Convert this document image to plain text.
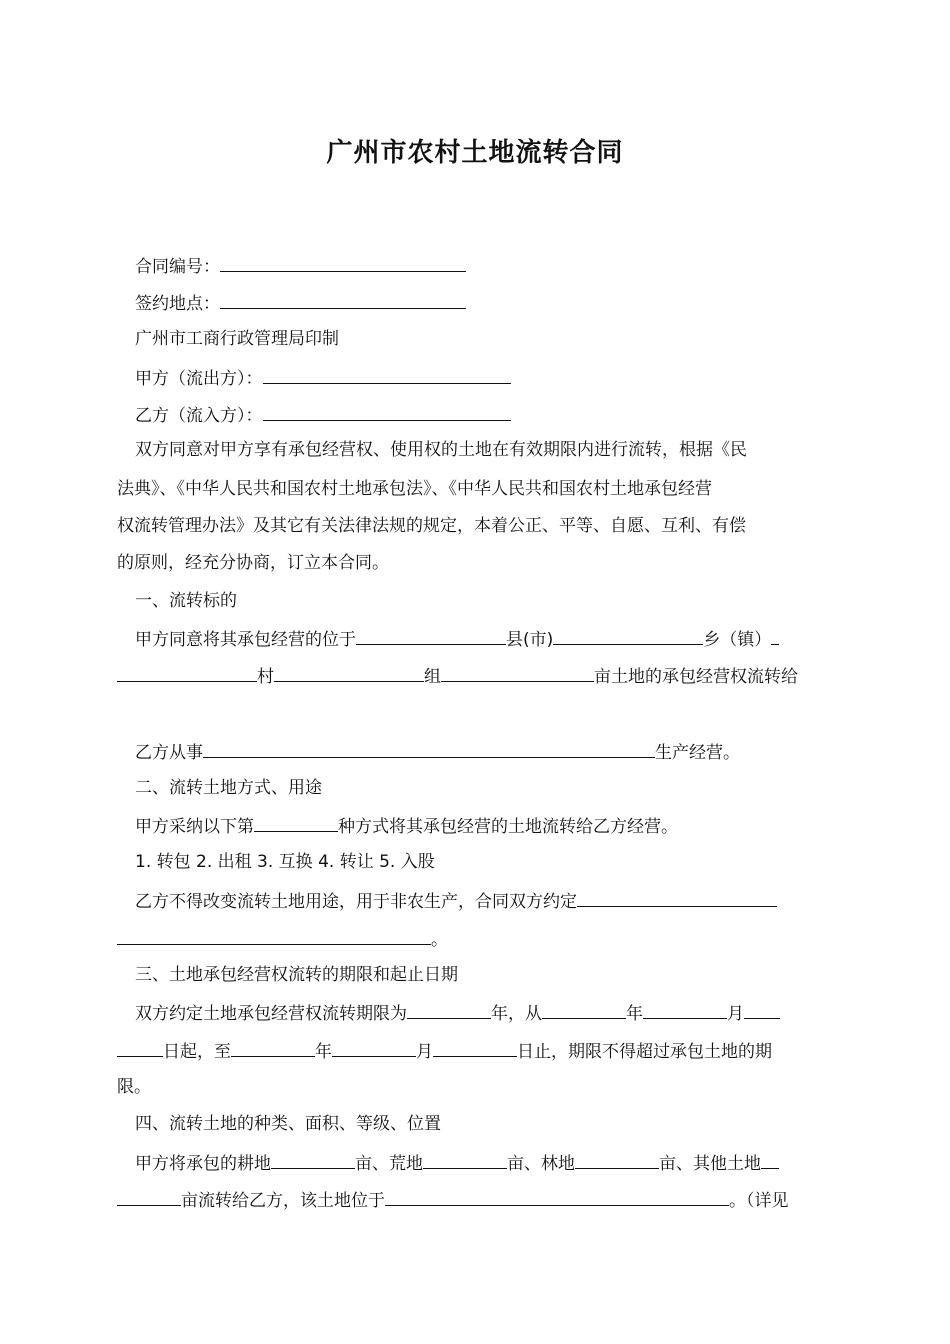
广州市农村土地流转合同
合同编号：
签约地点：
广州市工商行政管理局印制
甲方（流出方）：
乙方（流入方）：
双方同意对甲方享有承包经营权、使用权的土地在有效期限内进行流转，根据《民
法典》、《中华人民共和国农村土地承包法》、《中华人民共和国农村土地承包经营
权流转管理办法》及其它有关法律法规的规定，本着公正、平等、自愿、互利、有偿
的原则，经充分协商，订立本合同。
一、流转标的
甲方同意将其承包经营的位于	县(市)	乡（镇）
村	组	亩土地的承包经营权流转给
乙方从事	生产经营。
二、流转土地方式、用途
甲方采纳以下第	种方式将其承包经营的土地流转给乙方经营。
1. 转包 2. 出租 3. 互换 4. 转让 5. 入股
乙方不得改变流转土地用途，用于非农生产，合同双方约定
。
三、土地承包经营权流转的期限和起止日期
双方约定土地承包经营权流转期限为	年，从	年	月
日起，至	年	月	日止，期限不得超过承包土地的期
限。
四、流转土地的种类、面积、等级、位置
甲方将承包的耕地	亩、荒地	亩、林地	亩、其他土地
亩流转给乙方，该土地位于	。（详见
